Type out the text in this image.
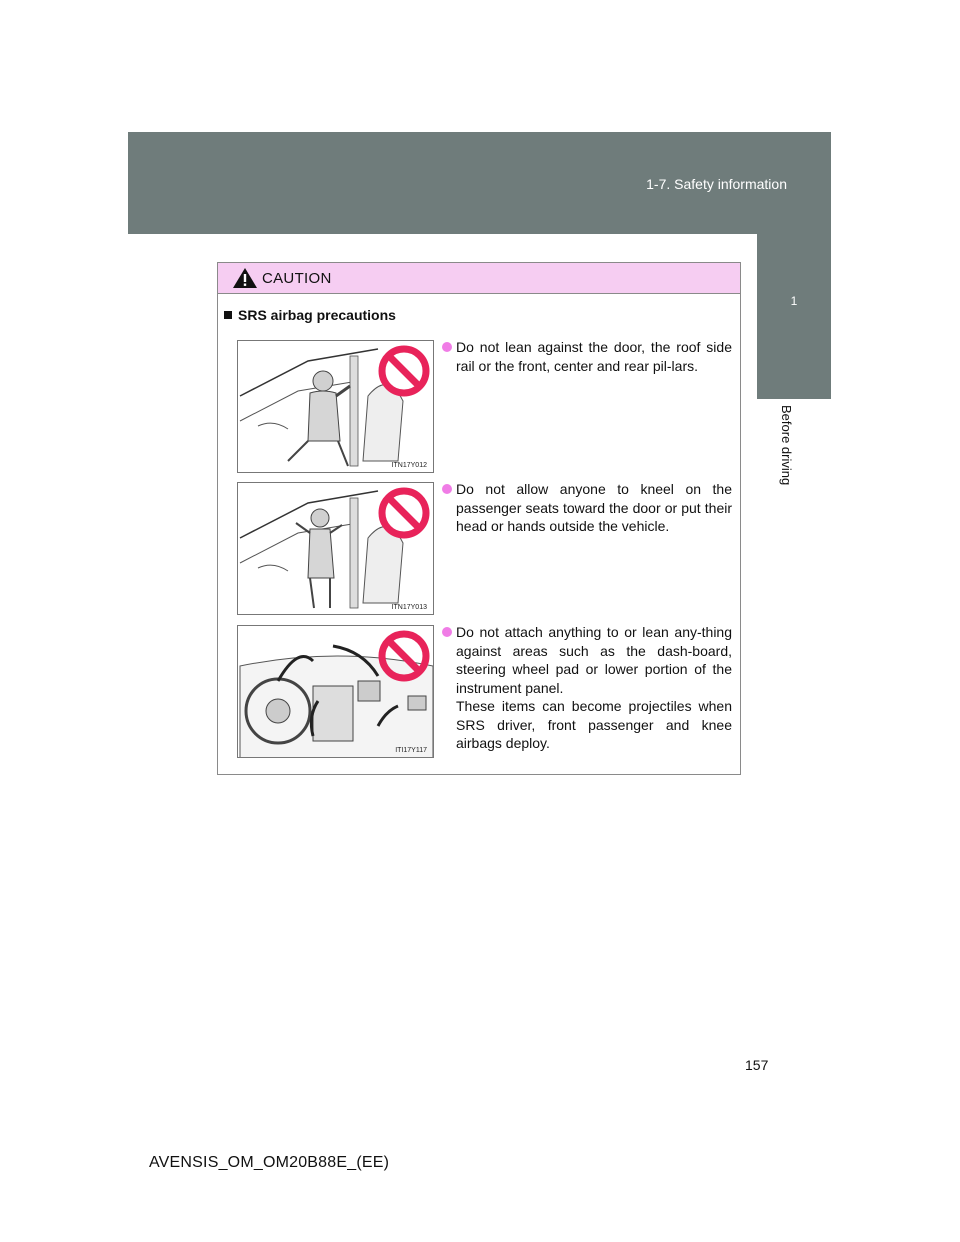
1-7. Safety information
1
Before driving
CAUTION
SRS airbag precautions
ITN17Y012
Do not lean against the door, the roof side rail or the front, center and rear pil-lars.
ITN17Y013
Do not allow anyone to kneel on the passenger seats toward the door or put their head or hands outside the vehicle.
ITI17Y117
Do not attach anything to or lean any-thing against areas such as the dash-board, steering wheel pad or lower portion of the instrument panel.
These items can become projectiles when SRS driver, front passenger and knee airbags deploy.
157
AVENSIS_OM_OM20B88E_(EE)
